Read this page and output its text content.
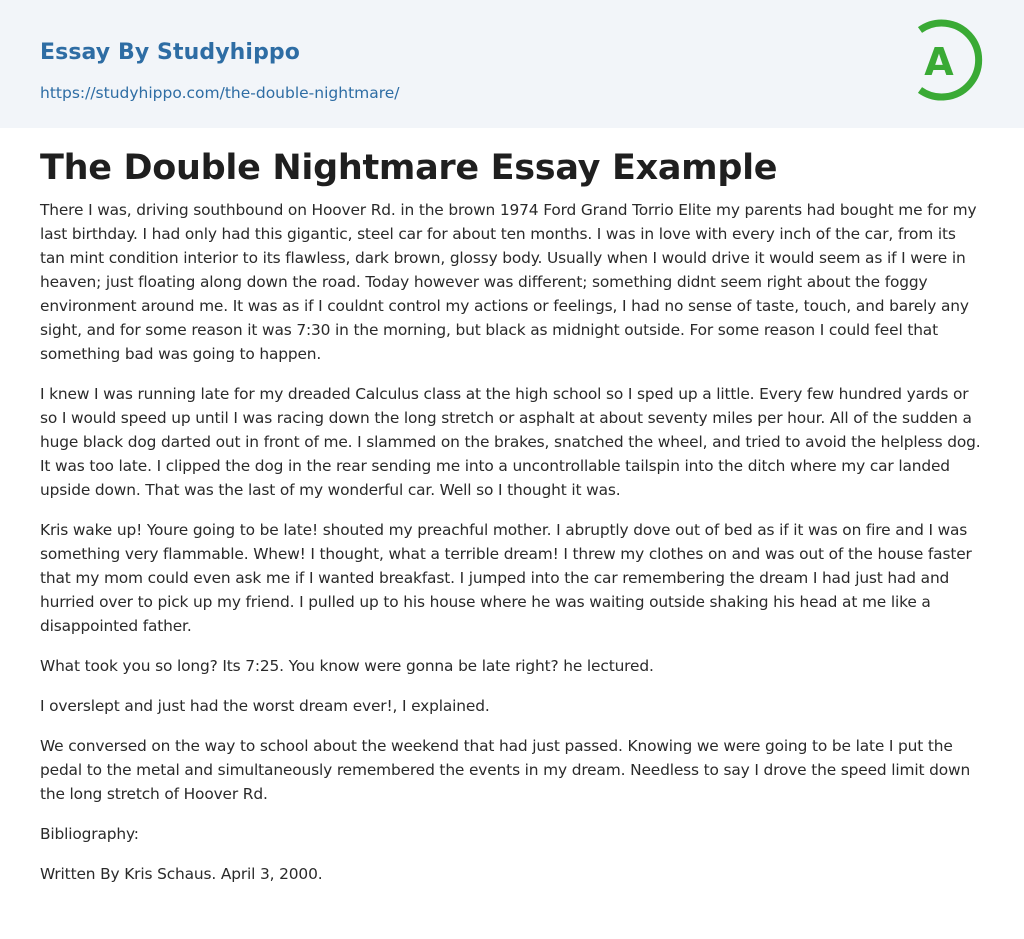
Essay By Studyhippo
https://studyhippo.com/the-double-nightmare/
A
The Double Nightmare Essay Example

There I was, driving southbound on Hoover Rd. in the brown 1974 Ford Grand Torrio Elite my parents had bought me for my last birthday. I had only had this gigantic, steel car for about ten months. I was in love with every inch of the car, from its tan mint condition interior to its flawless, dark brown, glossy body. Usually when I would drive it would seem as if I were in heaven; just floating along down the road. Today however was different; something didnt seem right about the foggy environment around me. It was as if I couldnt control my actions or feelings, I had no sense of taste, touch, and barely any sight, and for some reason it was 7:30 in the morning, but black as midnight outside. For some reason I could feel that something bad was going to happen.

I knew I was running late for my dreaded Calculus class at the high school so I sped up a little. Every few hundred yards or so I would speed up until I was racing down the long stretch or asphalt at about seventy miles per hour. All of the sudden a huge black dog darted out in front of me. I slammed on the brakes, snatched the wheel, and tried to avoid the helpless dog. It was too late. I clipped the dog in the rear sending me into a uncontrollable tailspin into the ditch where my car landed upside down. That was the last of my wonderful car. Well so I thought it was.

Kris wake up! Youre going to be late! shouted my preachful mother. I abruptly dove out of bed as if it was on fire and I was something very flammable. Whew! I thought, what a terrible dream! I threw my clothes on and was out of the house faster that my mom could even ask me if I wanted breakfast. I jumped into the car remembering the dream I had just had and hurried over to pick up my friend. I pulled up to his house where he was waiting outside shaking his head at me like a disappointed father.

What took you so long? Its 7:25. You know were gonna be late right? he lectured.

I overslept and just had the worst dream ever!, I explained.

We conversed on the way to school about the weekend that had just passed. Knowing we were going to be late I put the pedal to the metal and simultaneously remembered the events in my dream. Needless to say I drove the speed limit down the long stretch of Hoover Rd.

Bibliography:

Written By Kris Schaus. April 3, 2000.
